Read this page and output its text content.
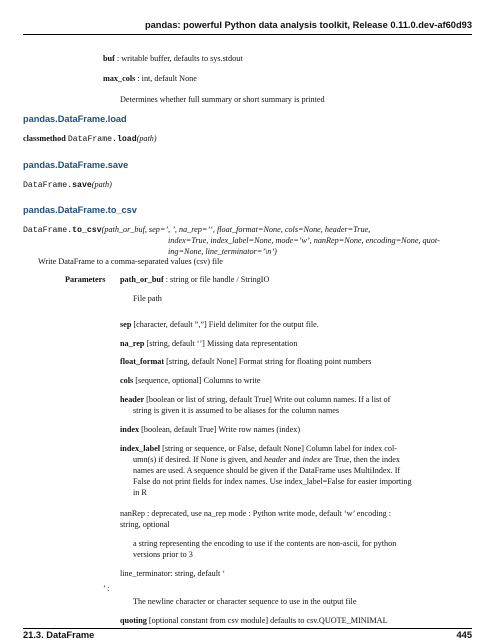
pandas: powerful Python data analysis toolkit, Release 0.11.0.dev-af60d93
buf : writable buffer, defaults to sys.stdout
max_cols : int, default None
Determines whether full summary or short summary is printed
pandas.DataFrame.load
classmethod DataFrame.load(path)
pandas.DataFrame.save
DataFrame.save(path)
pandas.DataFrame.to_csv
DataFrame.to_csv(path_or_buf, sep=’, ’, na_rep=’‘, float_format=None, cols=None, header=True,
index=True, index_label=None, mode=’w’, nanRep=None, encoding=None, quot-
ing=None, line_terminator=’\n’)
Write DataFrame to a comma-separated values (csv) file
Parameters path_or_buf : string or file handle / StringIO
File path
sep [character, default ”,”] Field delimiter for the output file.
na_rep [string, default ‘’] Missing data representation
float_format [string, default None] Format string for floating point numbers
cols [sequence, optional] Columns to write
header [boolean or list of string, default True] Write out column names. If a list of
string is given it is assumed to be aliases for the column names
index [boolean, default True] Write row names (index)
index_label [string or sequence, or False, default None] Column label for index col-
umn(s) if desired. If None is given, and header and index are True, then the index
names are used. A sequence should be given if the DataFrame uses MultiIndex. If
False do not print fields for index names. Use index_label=False for easier importing
in R
nanRep : deprecated, use na_rep mode : Python write mode, default ‘w’ encoding :
string, optional
a string representing the encoding to use if the contents are non-ascii, for python
versions prior to 3
line_terminator: string, default ‘
’ :
The newline character or character sequence to use in the output file
quoting [optional constant from csv module] defaults to csv.QUOTE_MINIMAL
21.3. DataFrame	445
